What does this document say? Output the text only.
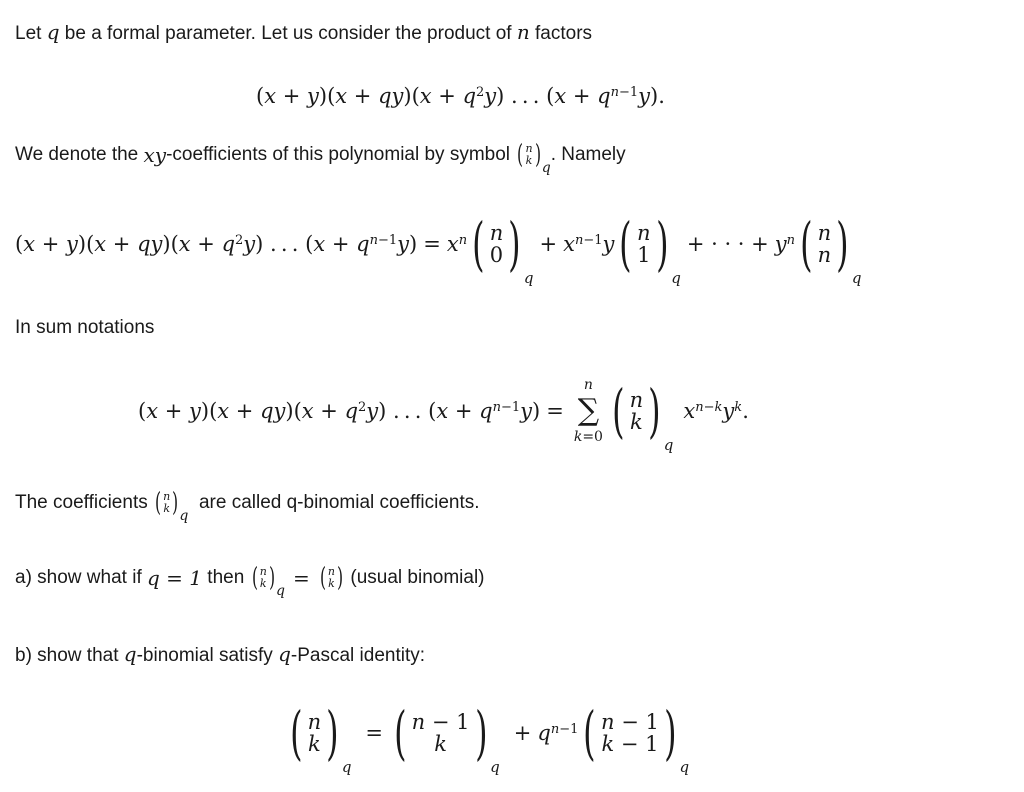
Let q be a formal parameter. Let us consider the product of n factors
$(x + y)(x + qy)(x + q^2y)$ . . . $(x + q^{n-1}y)$.
We denote the
xy -coefficients of this polynomial by symbol
( n
k ) q
. Namely
$(x + y)(x + qy)(x + q^2y)$ . . . $(x + q^{n-1}y) = x^n$ ( n
0 ) q
+ $x^{n-1}y$ ( n
1 ) q
+ · · · + $y^n$ ( n
n ) q
In sum notations
$(x + y)(x + qy)(x + q^2y)$ . . . $(x + q^{n-1}y)$ =
n
∑
k=0 ( n
k ) q
$x^{n-k}y^k$.
The coefficients
( n
k ) q

are called q-binomial coefficients.
a) show what if
q = 1
then
( n
k ) q
= ( n
k )
(usual binomial)
b) show that q-binomial satisfy q-Pascal identity:
( n
k ) q
= ( n − 1
k ) q
+ $q^{n-1}$ ( n − 1
k − 1 ) q
